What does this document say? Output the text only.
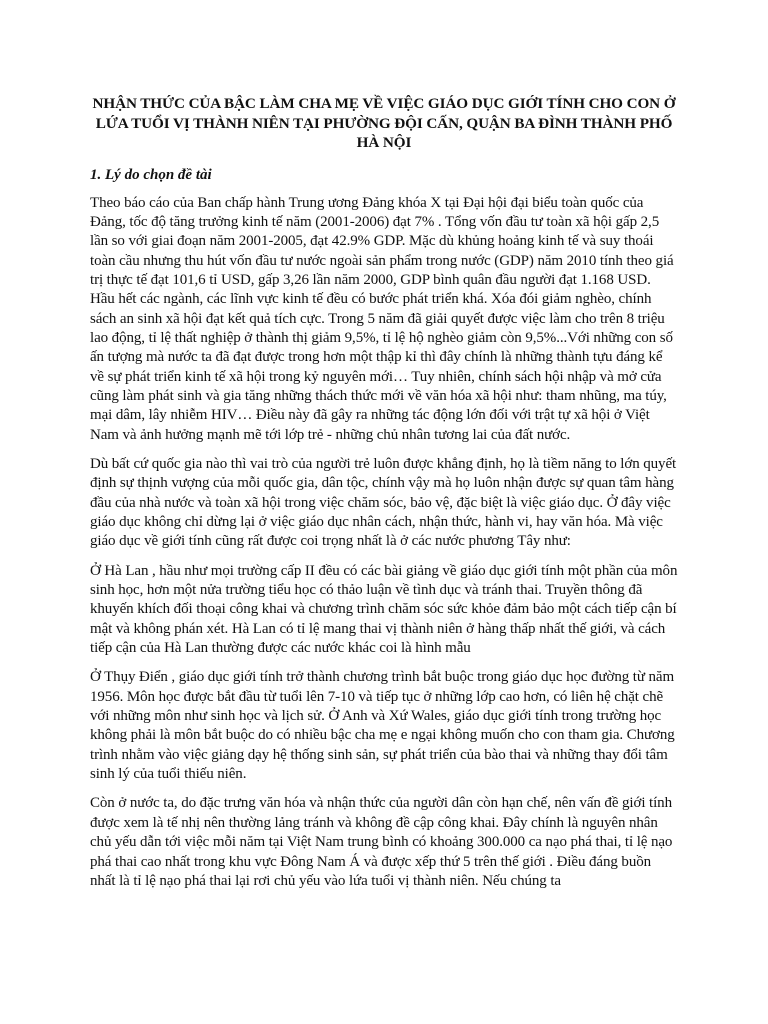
NHẬN THỨC CỦA BẬC LÀM CHA MẸ VỀ VIỆC GIÁO DỤC GIỚI TÍNH CHO CON Ở LỨA TUỔI VỊ THÀNH NIÊN TẠI PHƯỜNG ĐỘI CẤN, QUẬN BA ĐÌNH THÀNH PHỐ HÀ NỘI
1. Lý do chọn đề tài

Theo báo cáo của Ban chấp hành Trung ương Đảng khóa X tại Đại hội đại biểu toàn quốc của Đảng, tốc độ tăng trưởng kinh tế năm (2001-2006) đạt 7% . Tổng vốn đầu tư toàn xã hội gấp 2,5 lần so với giai đoạn năm 2001-2005, đạt 42.9% GDP. Mặc dù khủng hoảng kinh tế và suy thoái toàn cầu nhưng thu hút vốn đầu tư nước ngoài sản phẩm trong nước (GDP) năm 2010 tính theo giá trị thực tế đạt 101,6 tỉ USD, gấp 3,26 lần năm 2000, GDP bình quân đầu người đạt 1.168 USD. Hầu hết các ngành, các lĩnh vực kinh tế đều có bước phát triển khá. Xóa đói giảm nghèo, chính sách an sinh xã hội đạt kết quả tích cực. Trong 5 năm đã giải quyết được việc làm cho trên 8 triệu lao động, tỉ lệ thất nghiệp ở thành thị giảm 9,5%, tỉ lệ hộ nghèo giảm còn 9,5%...Với những con số ấn tượng mà nước ta đã đạt được trong hơn một thập kỉ thì đây chính là những thành tựu đáng kể về sự phát triển kinh tế xã hội trong kỷ nguyên mới… Tuy nhiên, chính sách hội nhập và mở cửa cũng làm phát sinh và gia tăng những thách thức mới về văn hóa xã hội như: tham nhũng, ma túy, mại dâm, lây nhiễm HIV… Điều này đã gây ra những tác động lớn đối với trật tự xã hội ở Việt Nam và ảnh hưởng mạnh mẽ tới lớp trẻ - những chủ nhân tương lai của đất nước.

Dù bất cứ quốc gia nào thì vai trò của người trẻ luôn được khẳng định, họ là tiềm năng to lớn quyết định sự thịnh vượng của mỗi quốc gia, dân tộc, chính vậy mà họ luôn nhận được sự quan tâm hàng đầu của nhà nước và toàn xã hội trong việc chăm sóc, bảo vệ, đặc biệt là việc giáo dục. Ở đây việc giáo dục không chỉ dừng lại ở việc giáo dục nhân cách, nhận thức, hành vi, hay văn hóa. Mà việc giáo dục về giới tính cũng rất được coi trọng nhất là ở các nước phương Tây như:

Ở Hà Lan , hầu như mọi trường cấp II đều có các bài giảng về giáo dục giới tính một phần của môn sinh học, hơn một nửa trường tiểu học có thảo luận về tình dục và tránh thai. Truyền thông đã khuyến khích đối thoại công khai và chương trình chăm sóc sức khỏe đảm bảo một cách tiếp cận bí mật và không phán xét. Hà Lan có tỉ lệ mang thai vị thành niên ở hàng thấp nhất thế giới, và cách tiếp cận của Hà Lan thường được các nước khác coi là hình mẫu

Ở Thụy Điển , giáo dục giới tính trở thành chương trình bắt buộc trong giáo dục học đường từ năm 1956. Môn học được bắt đầu từ tuổi lên 7-10 và tiếp tục ở những lớp cao hơn, có liên hệ chặt chẽ với những môn như sinh học và lịch sử. Ở Anh và Xứ Wales, giáo dục giới tính trong trường học không phải là môn bắt buộc do có nhiều bậc cha mẹ e ngại không muốn cho con tham gia. Chương trình nhằm vào việc giảng dạy hệ thống sinh sản, sự phát triển của bào thai và những thay đổi tâm sinh lý của tuổi thiếu niên.

Còn ở nước ta, do đặc trưng văn hóa và nhận thức của người dân còn hạn chế, nên vấn đề giới tính được xem là tế nhị nên thường lảng tránh và không đề cập công khai. Đây chính là nguyên nhân chủ yếu dẫn tới việc mỗi năm tại Việt Nam trung bình có khoảng 300.000 ca nạo phá thai, tỉ lệ nạo phá thai cao nhất trong khu vực Đông Nam Á và được xếp thứ 5 trên thế giới . Điều đáng buồn nhất là tỉ lệ nạo phá thai lại rơi chủ yếu vào lứa tuổi vị thành niên. Nếu chúng ta
